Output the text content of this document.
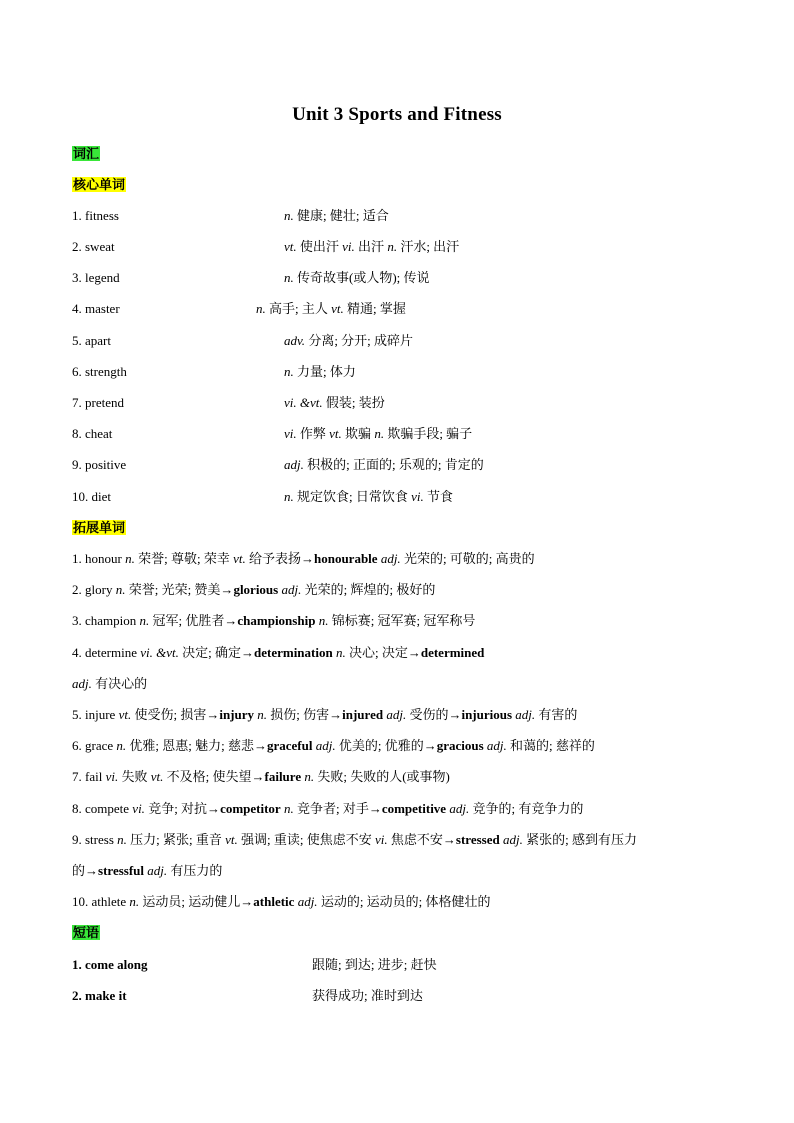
Unit 3 Sports and Fitness
词汇
核心单词
1. fitness	n. 健康; 健壮; 适合
2. sweat	vt. 使出汗 vi. 出汗 n. 汗水; 出汗
3. legend	n. 传奇故事(或人物); 传说
4. master	n. 高手; 主人 vt. 精通; 掌握
5. apart	adv. 分离; 分开; 成碎片
6. strength	n. 力量; 体力
7. pretend	vi. &vt. 假装; 装扮
8. cheat	vi. 作弊 vt. 欺骗 n. 欺骗手段; 骗子
9. positive	adj. 积极的; 正面的; 乐观的; 肯定的
10. diet	n. 规定饮食; 日常饮食 vi. 节食
拓展单词
1. honour n. 荣誉; 尊敬; 荣幸 vt. 给予表扬→honourable adj. 光荣的; 可敬的; 高贵的
2. glory n. 荣誉; 光荣; 赞美→glorious adj. 光荣的; 辉煌的; 极好的
3. champion n. 冠军; 优胜者→championship n. 锦标赛; 冠军赛; 冠军称号
4. determine vi. &vt. 决定; 确定→determination n. 决心; 决定→determined
adj. 有决心的
5. injure vt. 使受伤; 损害→injury n. 损伤; 伤害→injured adj. 受伤的→injurious adj. 有害的
6. grace n. 优雅; 恩惠; 魅力; 慈悲→graceful adj. 优美的; 优雅的→gracious adj. 和蔼的; 慈祥的
7. fail vi. 失败 vt. 不及格; 使失望→failure n. 失败; 失败的人(或事物)
8. compete vi. 竞争; 对抗→competitor n. 竞争者; 对手→competitive adj. 竞争的; 有竞争力的
9. stress n. 压力; 紧张; 重音 vt. 强调; 重读; 使焦虑不安 vi. 焦虑不安→stressed adj. 紧张的; 感到有压力
的→stressful adj. 有压力的
10. athlete n. 运动员; 运动健儿→athletic adj. 运动的; 运动员的; 体格健壮的
短语
1. come along	跟随; 到达; 进步; 赶快
2. make it	获得成功; 准时到达
